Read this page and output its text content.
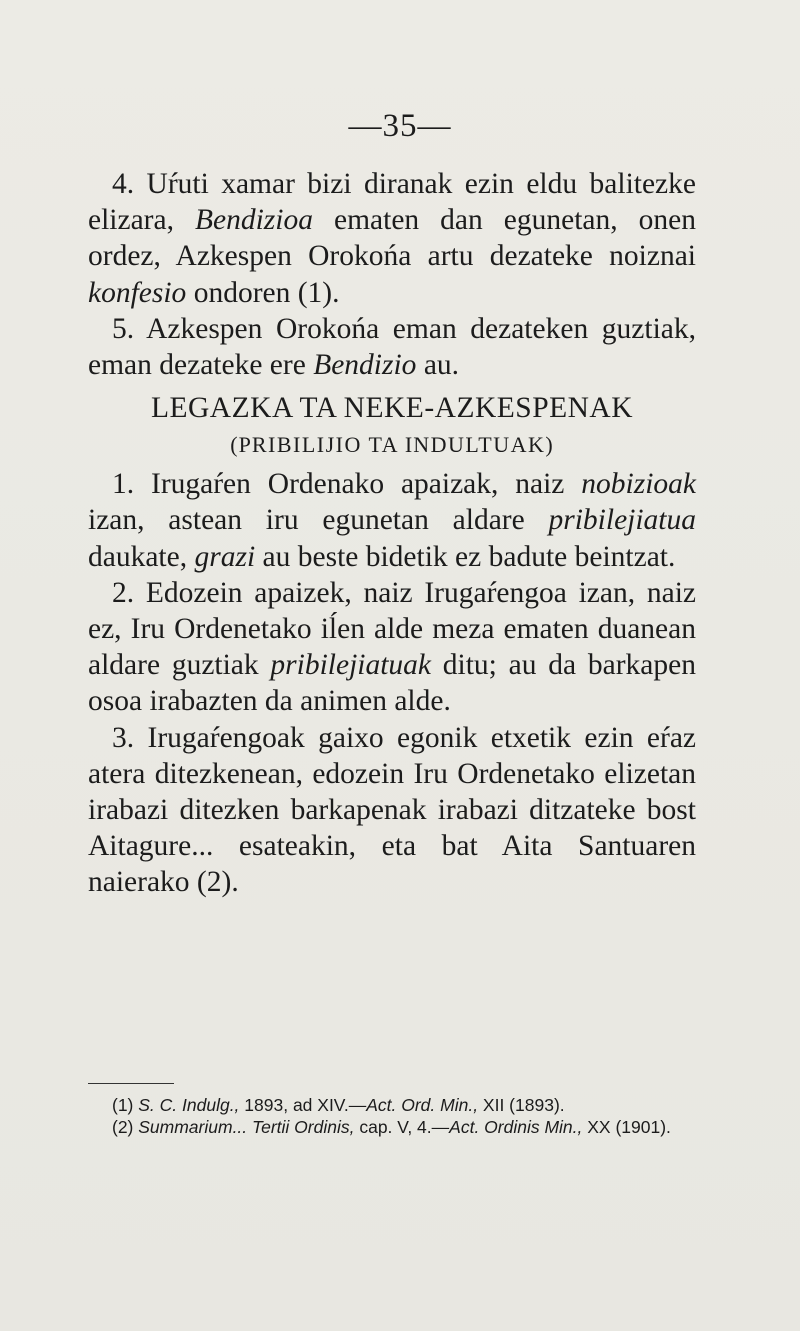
—35—

4. Uŕuti xamar bizi diranak ezin eldu balitezke elizara, Bendizioa ematen dan egunetan, onen ordez, Azkespen Orokońa artu dezateke noiznai konfesio ondoren (1).

5. Azkespen Orokońa eman dezateken guztiak, eman dezateke ere Bendizio au.

LEGAZKA TA NEKE-AZKESPENAK
(PRIBILIJIO TA INDULTUAK)

1. Irugaŕen Ordenako apaizak, naiz nobizioak izan, astean iru egunetan aldare pribilejiatua daukate, grazi au beste bidetik ez badute beintzat.

2. Edozein apaizek, naiz Irugaŕengoa izan, naiz ez, Iru Ordenetako iĺen alde meza ematen duanean aldare guztiak pribilejiatuak ditu; au da barkapen osoa irabazten da animen alde.

3. Irugaŕengoak gaixo egonik etxetik ezin eŕaz atera ditezkenean, edozein Iru Ordenetako elizetan irabazi ditezken barkapenak irabazi ditzateke bost Aitagure... esateakin, eta bat Aita Santuaren naierako (2).

(1) S. C. Indulg., 1893, ad XIV.—Act. Ord. Min., XII (1893).

(2) Summarium... Tertii Ordinis, cap. V, 4.—Act. Ordinis Min., XX (1901).
